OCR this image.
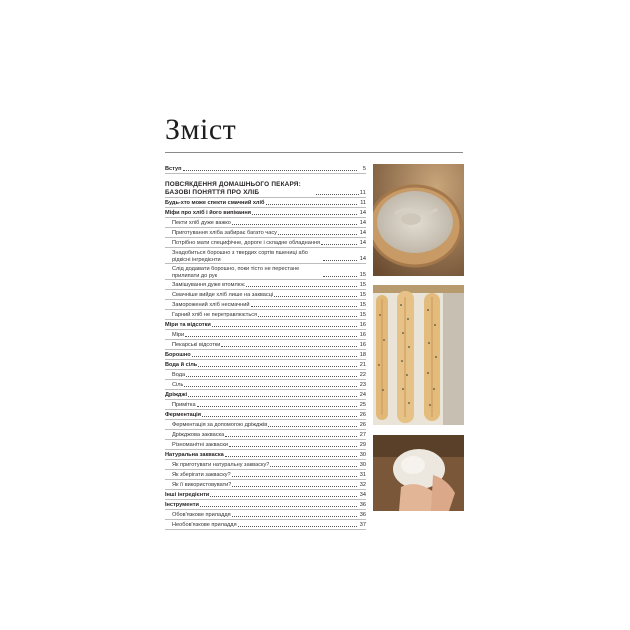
Зміст
Вступ	5
ПОВСЯКДЕННЯ ДОМАШНЬОГО ПЕКАРЯ: БАЗОВІ ПОНЯТТЯ ПРО ХЛІБ	11
Будь-хто може спекти смачний хліб	11
Міфи про хліб і його випікання	14
Пекти хліб дуже важко	14
Приготування хліба забирає багато часу	14
Потрібно мати специфічне, дороге і складне обладнання	14
Знадобиться борошно з твердих сортів пшениці або рідкісні інгредієнти	14
Слід додавати борошно, поки тісто не перестане прилипати до рук	15
Замішування дуже втомлює	15
Смачніше вийде хліб лише на заквасці	15
Заморожений хліб несмачний	15
Гарний хліб не перетравлюється	15
Міри та відсотки	16
Міри	16
Пекарські відсотки	16
Борошно	18
Вода й сіль	21
Вода	22
Сіль	23
Дріжджі	24
Примітка	25
Ферментація	26
Ферментація за допомогою дріжджів	26
Дріжджова закваска	27
Різноманітні закваски	29
Натуральна закваска	30
Як приготувати натуральну закваску?	30
Як зберігати закваску?	31
Як її використовувати?	32
Інші інгредієнти	34
Інструменти	36
Обов'язкове приладдя	36
Необов'язкове приладдя	37
